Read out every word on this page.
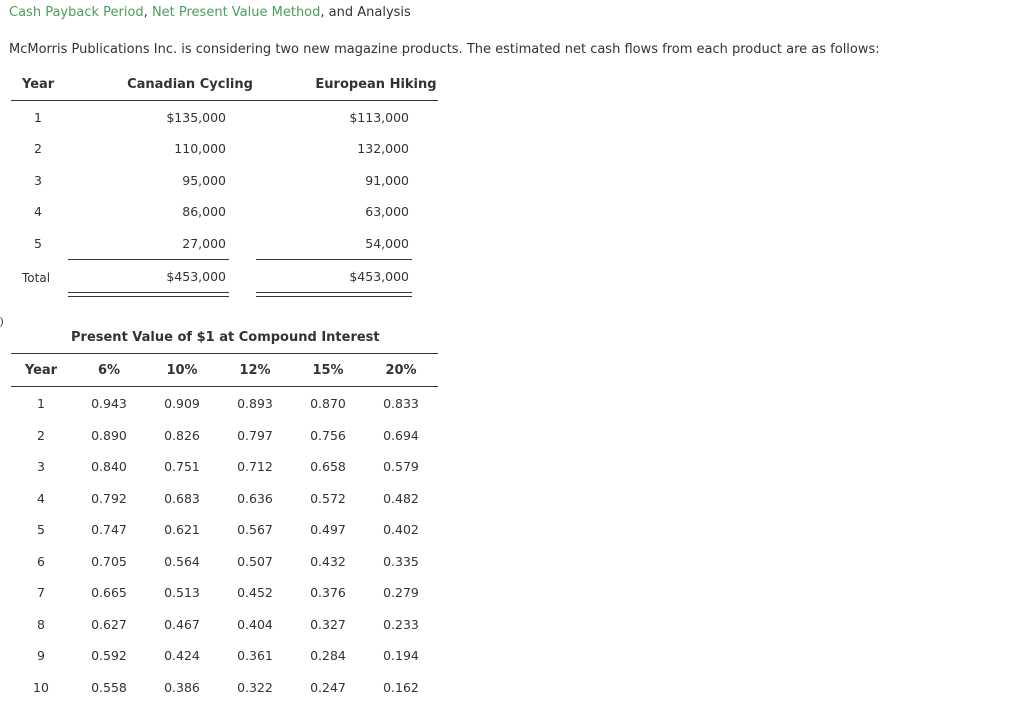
Cash Payback Period, Net Present Value Method, and Analysis
McMorris Publications Inc. is considering two new magazine products. The estimated net cash flows from each product are as follows:
Year	Canadian Cycling	European Hiking
1	$135,000	$113,000
2	110,000	132,000
3	95,000	91,000
4	86,000	63,000
5	27,000	54,000
Total	$453,000	$453,000
Present Value of $1 at Compound Interest
Year	6%	10%	12%	15%	20%
1	0.943	0.909	0.893	0.870	0.833
2	0.890	0.826	0.797	0.756	0.694
3	0.840	0.751	0.712	0.658	0.579
4	0.792	0.683	0.636	0.572	0.482
5	0.747	0.621	0.567	0.497	0.402
6	0.705	0.564	0.507	0.432	0.335
7	0.665	0.513	0.452	0.376	0.279
8	0.627	0.467	0.404	0.327	0.233
9	0.592	0.424	0.361	0.284	0.194
10	0.558	0.386	0.322	0.247	0.162
